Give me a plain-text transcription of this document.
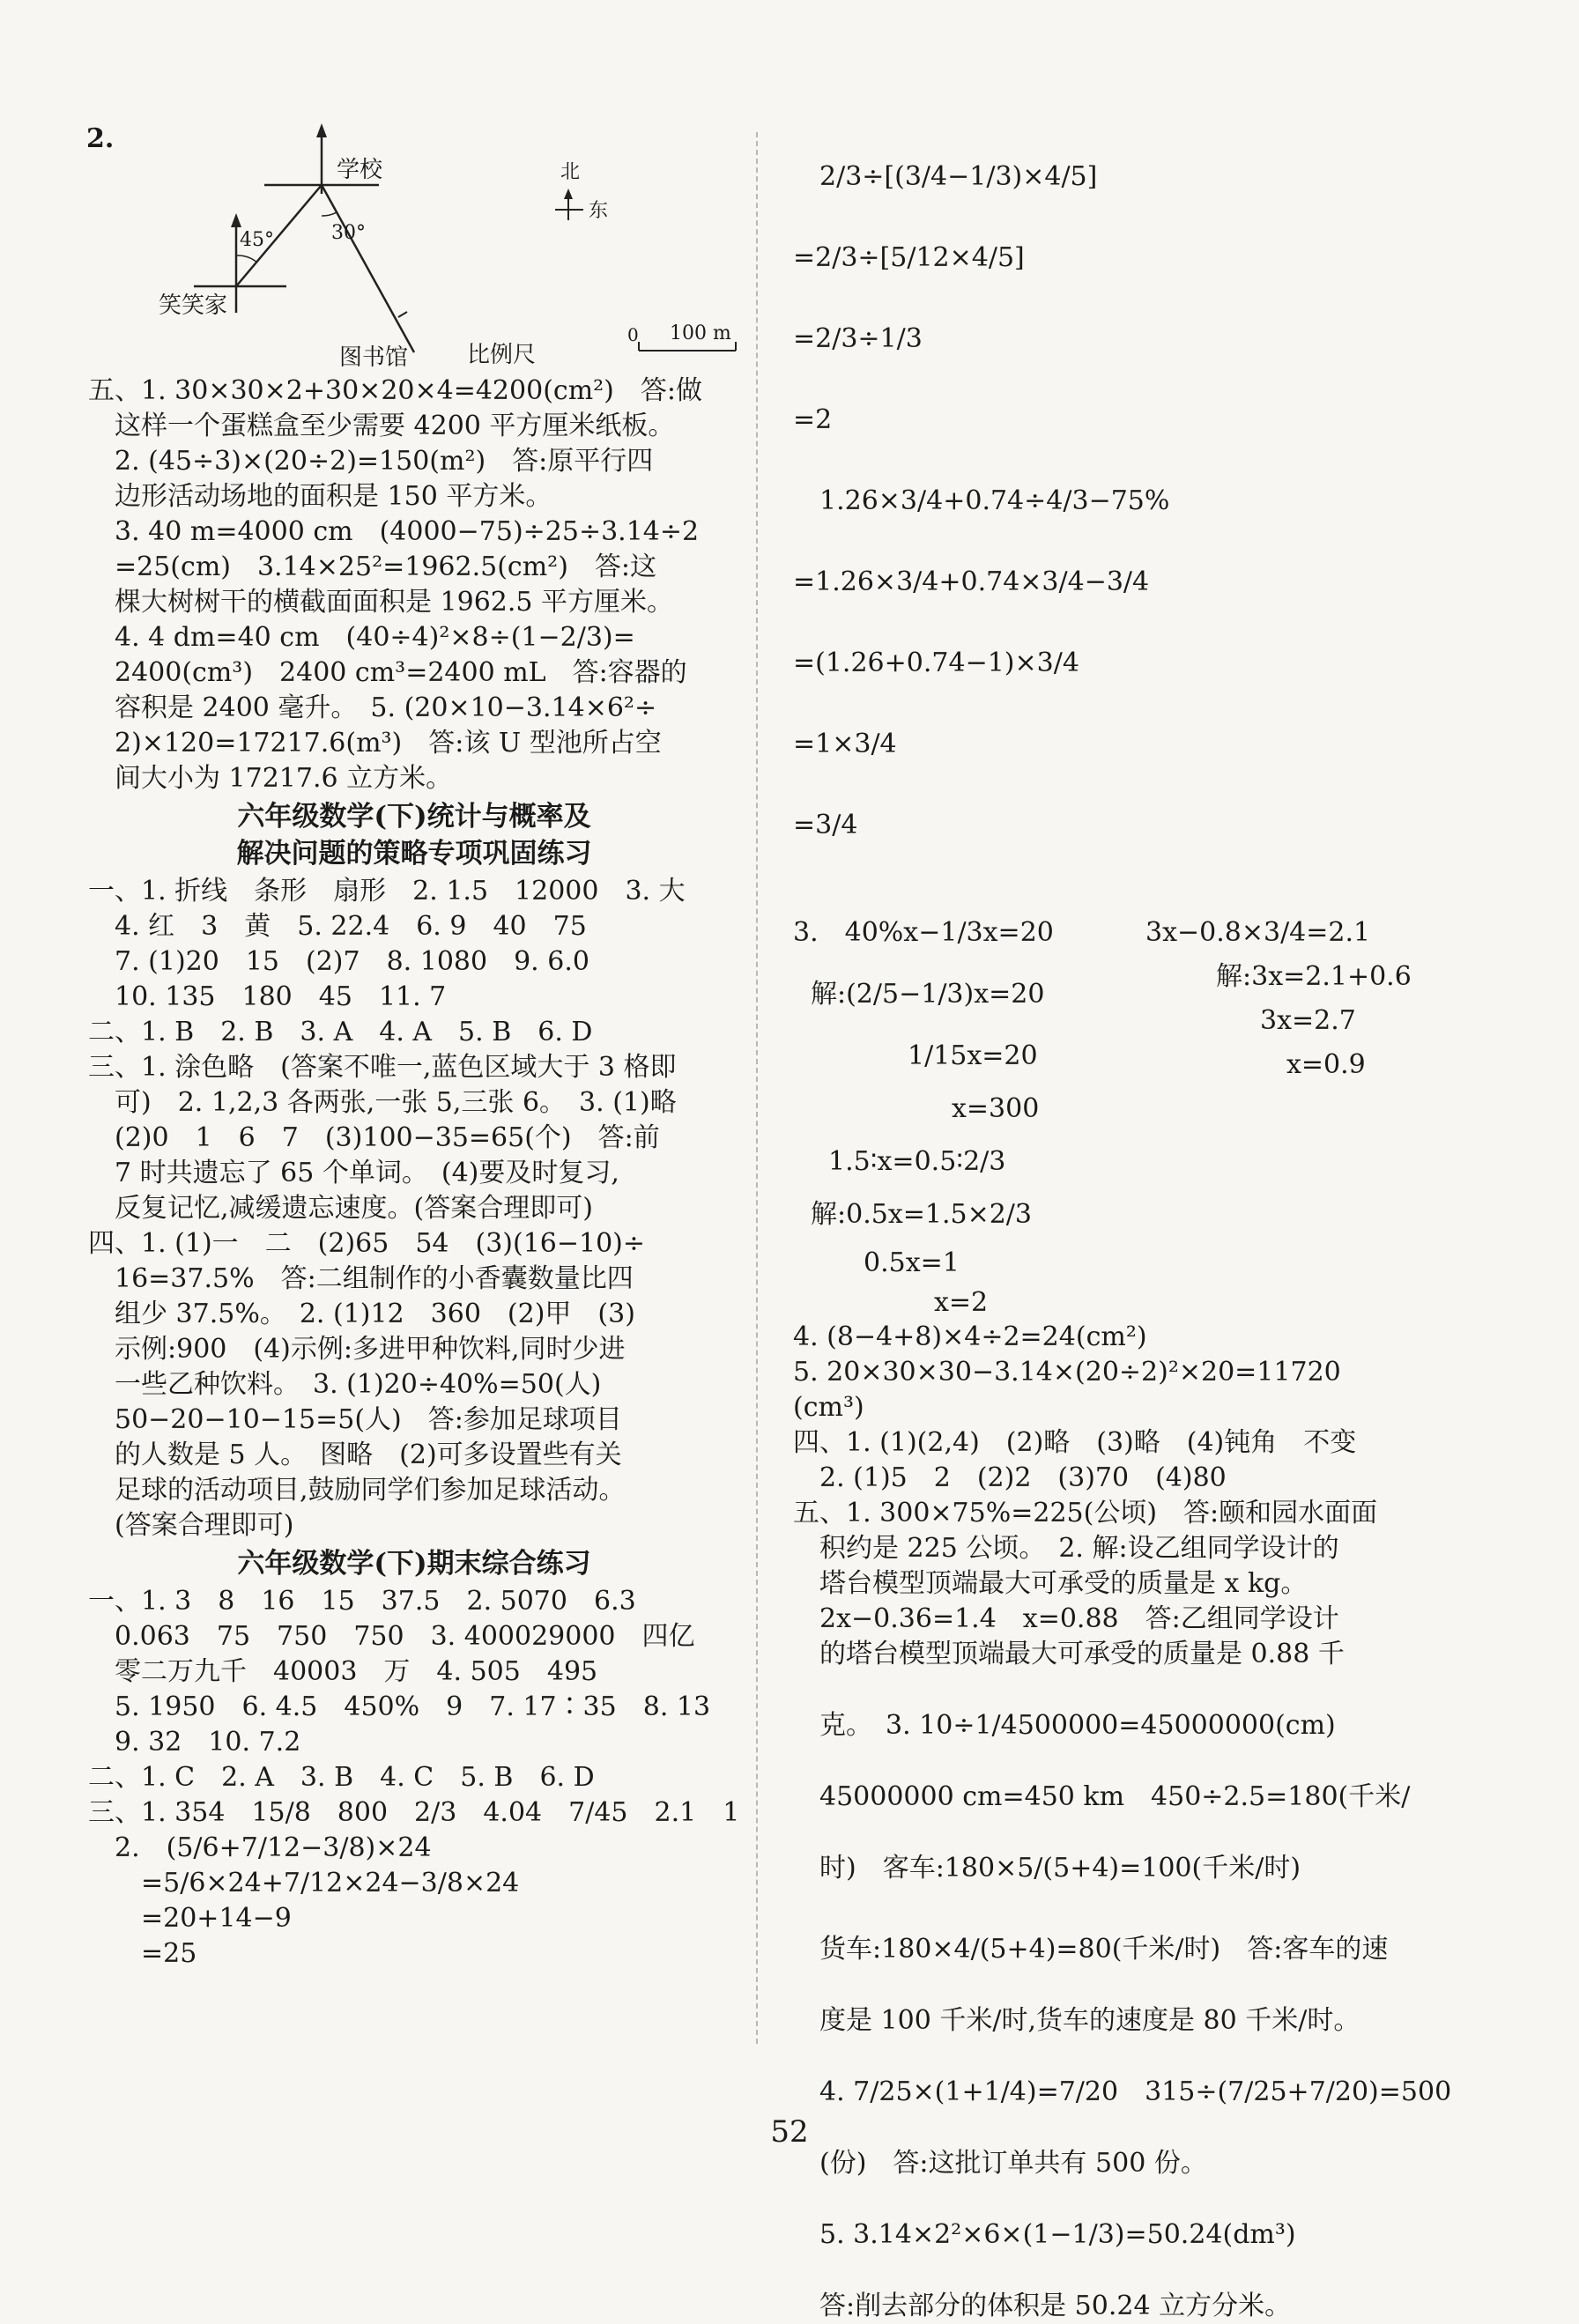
2.
学校
45°	30°
笑笑家
图书馆
北
东
比例尺
0 100 m

五、1. 30×30×2+30×20×4=4200(cm²)　答:做

这样一个蛋糕盒至少需要 4200 平方厘米纸板。

2. (45÷3)×(20÷2)=150(m²)　答:原平行四

边形活动场地的面积是 150 平方米。

3. 40 m=4000 cm　(4000−75)÷25÷3.14÷2

=25(cm)　3.14×25²=1962.5(cm²)　答:这

棵大树树干的横截面面积是 1962.5 平方厘米。

4. 4 dm=40 cm　(40÷4)²×8÷(1−2/3)=

2400(cm³)　2400 cm³=2400 mL　答:容器的

容积是 2400 毫升。　5. (20×10−3.14×6²÷

2)×120=17217.6(m³)　答:该 U 型池所占空

间大小为 17217.6 立方米。

六年级数学(下)统计与概率及
解决问题的策略专项巩固练习

一、1. 折线　条形　扇形　2. 1.5　12000　3. 大

4. 红　3　黄　5. 22.4　6. 9　40　75

7. (1)20　15　(2)7　8. 1080　9. 6.0

10. 135　180　45　11. 7

二、1. B　2. B　3. A　4. A　5. B　6. D

三、1. 涂色略　(答案不唯一,蓝色区域大于 3 格即

可)　2. 1,2,3 各两张,一张 5,三张 6。　3. (1)略

(2)0　1　6　7　(3)100−35=65(个)　答:前

7 时共遗忘了 65 个单词。　(4)要及时复习,

反复记忆,减缓遗忘速度。(答案合理即可)

四、1. (1)一　二　(2)65　54　(3)(16−10)÷

16=37.5%　答:二组制作的小香囊数量比四

组少 37.5%。　2. (1)12　360　(2)甲　(3)

示例:900　(4)示例:多进甲种饮料,同时少进

一些乙种饮料。　3. (1)20÷40%=50(人)

50−20−10−15=5(人)　答:参加足球项目

的人数是 5 人。　图略　(2)可多设置些有关

足球的活动项目,鼓励同学们参加足球活动。

(答案合理即可)

六年级数学(下)期末综合练习

一、1. 3　8　16　15　37.5　2. 5070　6.3

0.063　75　750　750　3. 400029000　四亿

零二万九千　40003　万　4. 505　495

5. 1950　6. 4.5　450%　9　7. 17∶35　8. 13

9. 32　10. 7.2

二、1. C　2. A　3. B　4. C　5. B　6. D

三、1. 354　15/8　800　2/3　4.04　7/45　2.1　1

2.　(5/6+7/12−3/8)×24

=5/6×24+7/12×24−3/8×24

=20+14−9

=25

2/3÷[(3/4−1/3)×4/5]

=2/3÷[5/12×4/5]

=2/3÷1/3

=2

1.26×3/4+0.74÷4/3−75%

=1.26×3/4+0.74×3/4−3/4

=(1.26+0.74−1)×3/4

=1×3/4

=3/4

3.　40%x−1/3x=20

解:(2/5−1/3)x=20

1/15x=20

x=300

3x−0.8×3/4=2.1

解:3x=2.1+0.6

3x=2.7

x=0.9

1.5∶x=0.5∶2/3

解:0.5x=1.5×2/3

0.5x=1

x=2

4. (8−4+8)×4÷2=24(cm²)

5. 20×30×30−3.14×(20÷2)²×20=11720

(cm³)

四、1. (1)(2,4)　(2)略　(3)略　(4)钝角　不变

2. (1)5　2　(2)2　(3)70　(4)80

五、1. 300×75%=225(公顷)　答:颐和园水面面

积约是 225 公顷。　2. 解:设乙组同学设计的

塔台模型顶端最大可承受的质量是 x kg。

2x−0.36=1.4　x=0.88　答:乙组同学设计

的塔台模型顶端最大可承受的质量是 0.88 千

克。　3. 10÷1/4500000=45000000(cm)

45000000 cm=450 km　450÷2.5=180(千米/

时)　客车:180×5/(5+4)=100(千米/时)

货车:180×4/(5+4)=80(千米/时)　答:客车的速

度是 100 千米/时,货车的速度是 80 千米/时。

4. 7/25×(1+1/4)=7/20　315÷(7/25+7/20)=500

(份)　答:这批订单共有 500 份。

5. 3.14×2²×6×(1−1/3)=50.24(dm³)

答:削去部分的体积是 50.24 立方分米。

52
